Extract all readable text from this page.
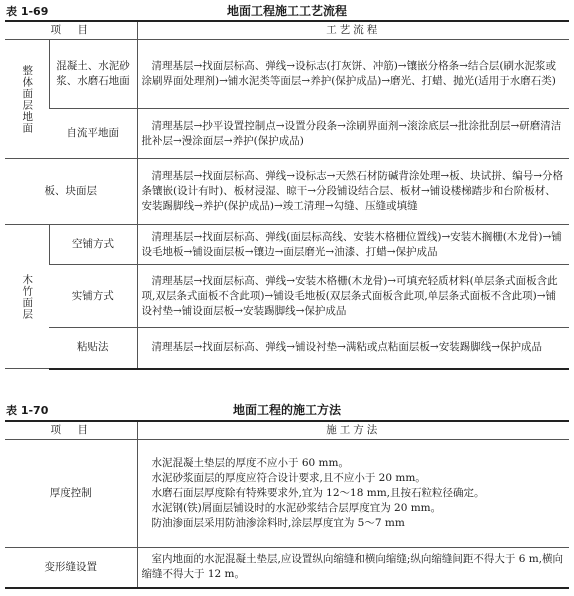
表 1-69	地面工程施工工艺流程
项　目		工艺流程
整体面层地面	混凝土、水泥砂浆、水磨石地面	清理基层→找面层标高、弹线→设标志(打灰饼、冲筋)→镶嵌分格条→结合层(刷水泥浆或涂刷界面处理剂)→铺水泥类等面层→养护(保护成品)→磨光、打蜡、抛光(适用于水磨石类)
	自流平地面	清理基层→抄平设置控制点→设置分段条→涂刷界面剂→滚涂底层→批涂批刮层→研磨清洁批补层→漫涂面层→养护(保护成品)
板、块面层		清理基层→找面层标高、弹线→设标志→天然石材防碱背涂处理→板、块试拼、编号→分格条镶嵌(设计有时)、板材浸湿、晾干→分段铺设结合层、板材→铺设楼梯踏步和台阶板材、安装踢脚线→养护(保护成品)→竣工清理→勾缝、压缝或填缝
木竹面层	空铺方式	清理基层→找面层标高、弹线(面层标高线、安装木格栅位置线)→安装木搁栅(木龙骨)→铺设毛地板→铺设面层板→镶边→面层磨光→油漆、打蜡→保护成品
	实铺方式	清理基层→找面层标高、弹线→安装木格栅(木龙骨)→可填充轻质材料(单层条式面板含此项,双层条式面板不含此项)→铺设毛地板(双层条式面板含此项,单层条式面板不含此项)→铺设衬垫→铺设面层板→安装踢脚线→保护成品
	粘贴法	清理基层→找面层标高、弹线→铺设衬垫→满粘或点粘面层板→安装踢脚线→保护成品
表 1-70	地面工程的施工方法
项　目	施工方法
厚度控制	水泥混凝土垫层的厚度不应小于 60 mm。
水泥砂浆面层的厚度应符合设计要求,且不应小于 20 mm。
水磨石面层厚度除有特殊要求外,宜为 12～18 mm,且按石粒粒径确定。
水泥钢(铁)屑面层铺设时的水泥砂浆结合层厚度宜为 20 mm。
防油渗面层采用防油渗涂料时,涂层厚度宜为 5～7 mm

变形缝设置	室内地面的水泥混凝土垫层,应设置纵向缩缝和横向缩缝;纵向缩缝间距不得大于 6 m,横向缩缝不得大于 12 m。
